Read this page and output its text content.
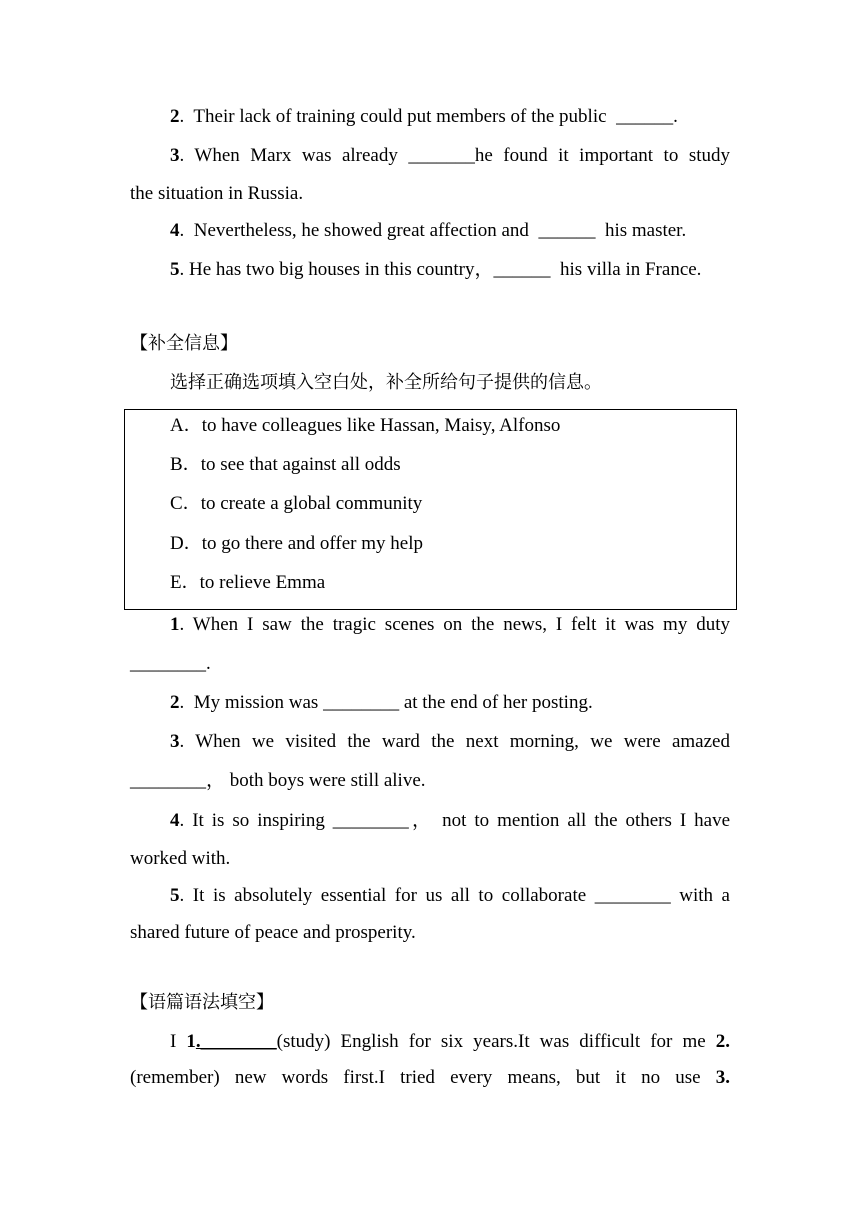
2. Their lack of training could put members of the public ______.
3. When Marx was already _______he found it important to study
the situation in Russia.
4. Nevertheless, he showed great affection and ______ his master.
5. He has two big houses in this country，______ his villa in France.
【补全信息】
选择正确选项填入空白处，补全所给句子提供的信息。
A．to have colleagues like Hassan, Maisy, Alfonso
B．to see that against all odds
C．to create a global community
D．to go there and offer my help
E．to relieve Emma
1. When I saw the tragic scenes on the news, I felt it was my duty
________.
2.  My mission was ________ at the end of her posting.
3. When we visited the ward the next morning, we were amazed
________， both boys were still alive.
4. It is so inspiring ________， not to mention all the others I have
worked with.
5. It is absolutely essential for us all to collaborate ________ with a
shared future of peace and prosperity.
【语篇语法填空】
I 1.________(study) English for six years.It was difficult for me 2.
(remember) new words first.I tried every means, but it no use 3.
